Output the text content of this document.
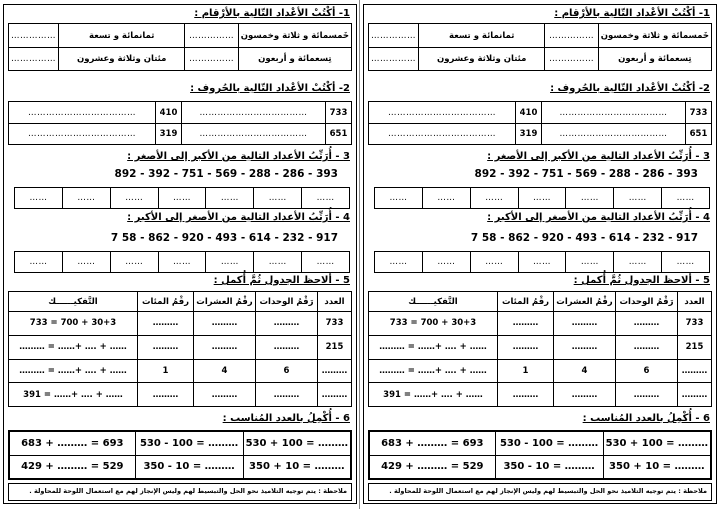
1- أكْتُبْ الأعْداد التّالية بالأرْقام :
خَمسمائة و ثلاثة وخمسون	……………	ثمانمائة و تسعة	……………
تِسعمائة و أربعون	……………	مئتان وثلاثة وعشرون	……………
2- أكْتُبْ الأعْداد التّالية بالحُروف :
733	………………………………	410	………………………………
651	………………………………	319	………………………………
3 - أُرَتِّبُ الأعداد التالية من الأكبر إلى الأصغر :
892 - 392 - 751 - 569 - 288 - 286 - 393
……	……	……	……	……	……	……
4 - أُرَتِّبُ الأعداد التالية من الأصغر إلى الأكبر :
7 58 - 862 - 920 - 493 - 614 - 232 - 917
……	……	……	……	……	……	……
5 - ألاحظ الجدول ثُمَّ أُكمل :
العدد	رَقْمُ الوحدات	رقْمُ العشرات	رقْمُ المئات	التَّفكيــــــك
733	………	………	………	733 = 700 + 30+3
215	………	………	………	……… = ……+ …. + ……
………	6	4	1	……… = ……+ …. + ……
………	………	………	………	391 = ……+ …. + ……
6 - أُكْمِلُ بالعدد المُناسب :
530 + 100 = ………	530 - 100 = ………	683 + ……… = 693
350 + 10 = ………	350 - 10 = ………	429 + ……… = 529
ملاحظة : يتم توجيه التلاميذ نحو الحل والتبسيط لهم وليس الإنجاز لهم مع استعمال اللوحة للمحاولة .
1- أكْتُبْ الأعْداد التّالية بالأرْقام :
خَمسمائة و ثلاثة وخمسون	……………	ثمانمائة و تسعة	……………
تِسعمائة و أربعون	……………	مئتان وثلاثة وعشرون	……………
2- أكْتُبْ الأعْداد التّالية بالحُروف :
733	………………………………	410	………………………………
651	………………………………	319	………………………………
3 - أُرَتِّبُ الأعداد التالية من الأكبر إلى الأصغر :
892 - 392 - 751 - 569 - 288 - 286 - 393
……	……	……	……	……	……	……
4 - أُرَتِّبُ الأعداد التالية من الأصغر إلى الأكبر :
7 58 - 862 - 920 - 493 - 614 - 232 - 917
……	……	……	……	……	……	……
5 - ألاحظ الجدول ثُمَّ أُكمل :
العدد	رَقْمُ الوحدات	رقْمُ العشرات	رقْمُ المئات	التَّفكيــــــك
733	………	………	………	733 = 700 + 30+3
215	………	………	………	……… = ……+ …. + ……
………	6	4	1	……… = ……+ …. + ……
………	………	………	………	391 = ……+ …. + ……
6 - أُكْمِلُ بالعدد المُناسب :
530 + 100 = ………	530 - 100 = ………	683 + ……… = 693
350 + 10 = ………	350 - 10 = ………	429 + ……… = 529
ملاحظة : يتم توجيه التلاميذ نحو الحل والتبسيط لهم وليس الإنجاز لهم مع استعمال اللوحة للمحاولة .
